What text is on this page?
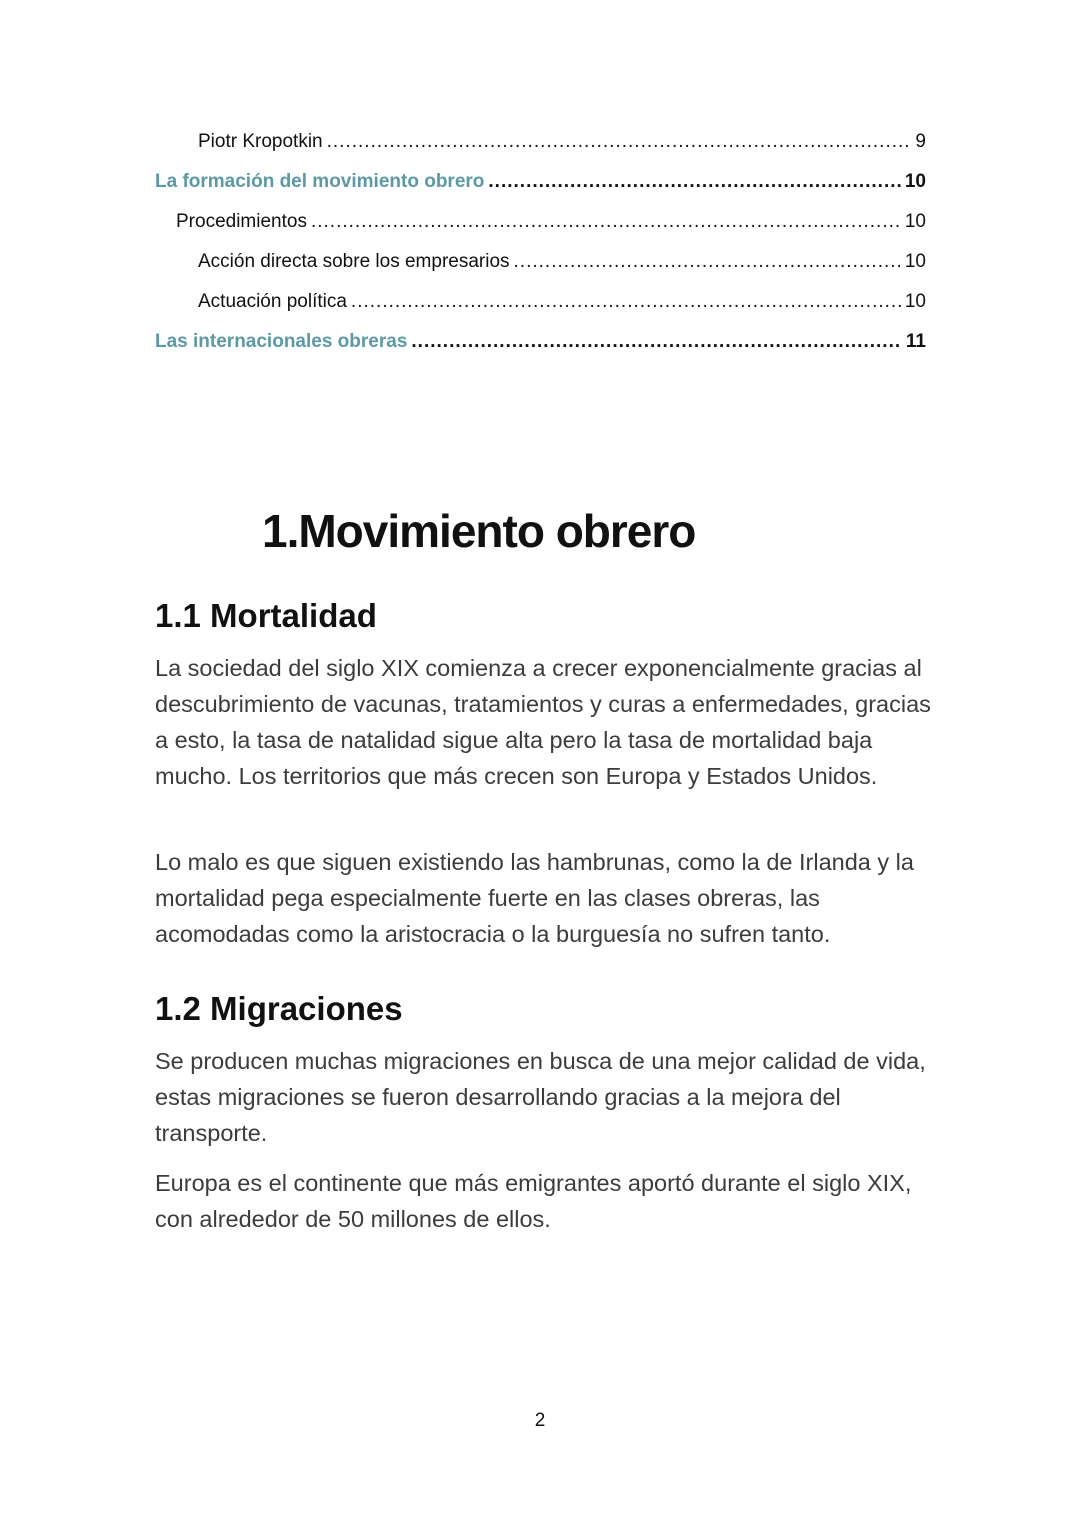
Piotr Kropotkin .....	9
La formación del movimiento obrero .....	10
Procedimientos .....	10
Acción directa sobre los empresarios .....	10
Actuación política .....	10
Las internacionales obreras .....	11
1.Movimiento obrero
1.1 Mortalidad

La sociedad del siglo XIX comienza a crecer exponencialmente gracias al descubrimiento de vacunas, tratamientos y curas a enfermedades, gracias a esto, la tasa de natalidad sigue alta pero la tasa de mortalidad baja mucho. Los territorios que más crecen son Europa y Estados Unidos.

Lo malo es que siguen existiendo las hambrunas, como la de Irlanda y la mortalidad pega especialmente fuerte en las clases obreras, las acomodadas como la aristocracia o la burguesía no sufren tanto.

1.2 Migraciones

Se producen muchas migraciones en busca de una mejor calidad de vida, estas migraciones se fueron desarrollando gracias a la mejora del transporte.

Europa es el continente que más emigrantes aportó durante el siglo XIX, con alrededor de 50 millones de ellos.

2
